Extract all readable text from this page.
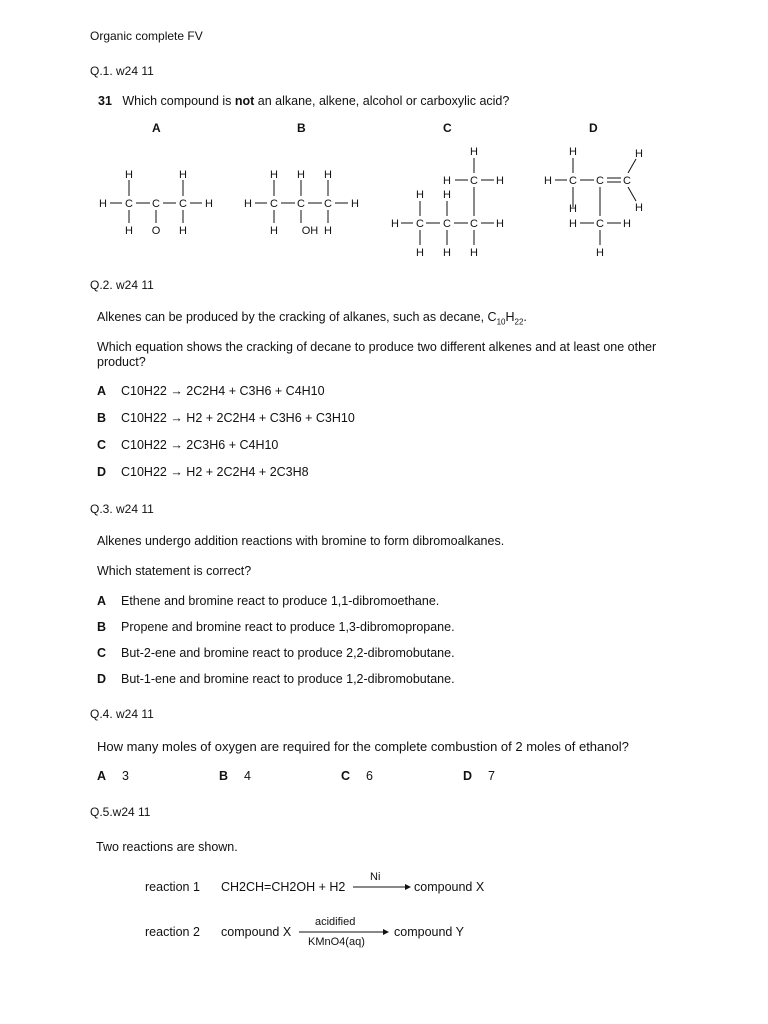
Organic complete FV
Q.1. w24 11
31 Which compound is not an alkane, alkene, alcohol or carboxylic acid?
A	B	C	D
H	H
H C C C H
H O H
H H H
H C C C H
H OH H
H
H C H
H H
H C C C H
H H H
H	H
H C C C
H	H
H C H
H
Q.2. w24 11
Alkenes can be produced by the cracking of alkanes, such as decane, $C_{10}H_{22}$.
Which equation shows the cracking of decane to produce two different alkenes and at least one other product?
A C10H22 → 2C2H4 + C3H6 + C4H10
B C10H22 → H2 + 2C2H4 + C3H6 + C3H10
C C10H22 → 2C3H6 + C4H10
D C10H22 → H2 + 2C2H4 + 2C3H8
Q.3. w24 11
Alkenes undergo addition reactions with bromine to form dibromoalkanes.
Which statement is correct?
A Ethene and bromine react to produce 1,1-dibromoethane.
B Propene and bromine react to produce 1,3-dibromopropane.
C But-2-ene and bromine react to produce 2,2-dibromobutane.
D But-1-ene and bromine react to produce 1,2-dibromobutane.
Q.4. w24 11
How many moles of oxygen are required for the complete combustion of 2 moles of ethanol?
A 3	B 4	C 6	D 7
Q.5.w24 11
Two reactions are shown.
reaction 1 CH2CH=CH2OH + H2
Ni
compound X
reaction 2 compound X
acidified
KMnO4(aq)
compound Y
